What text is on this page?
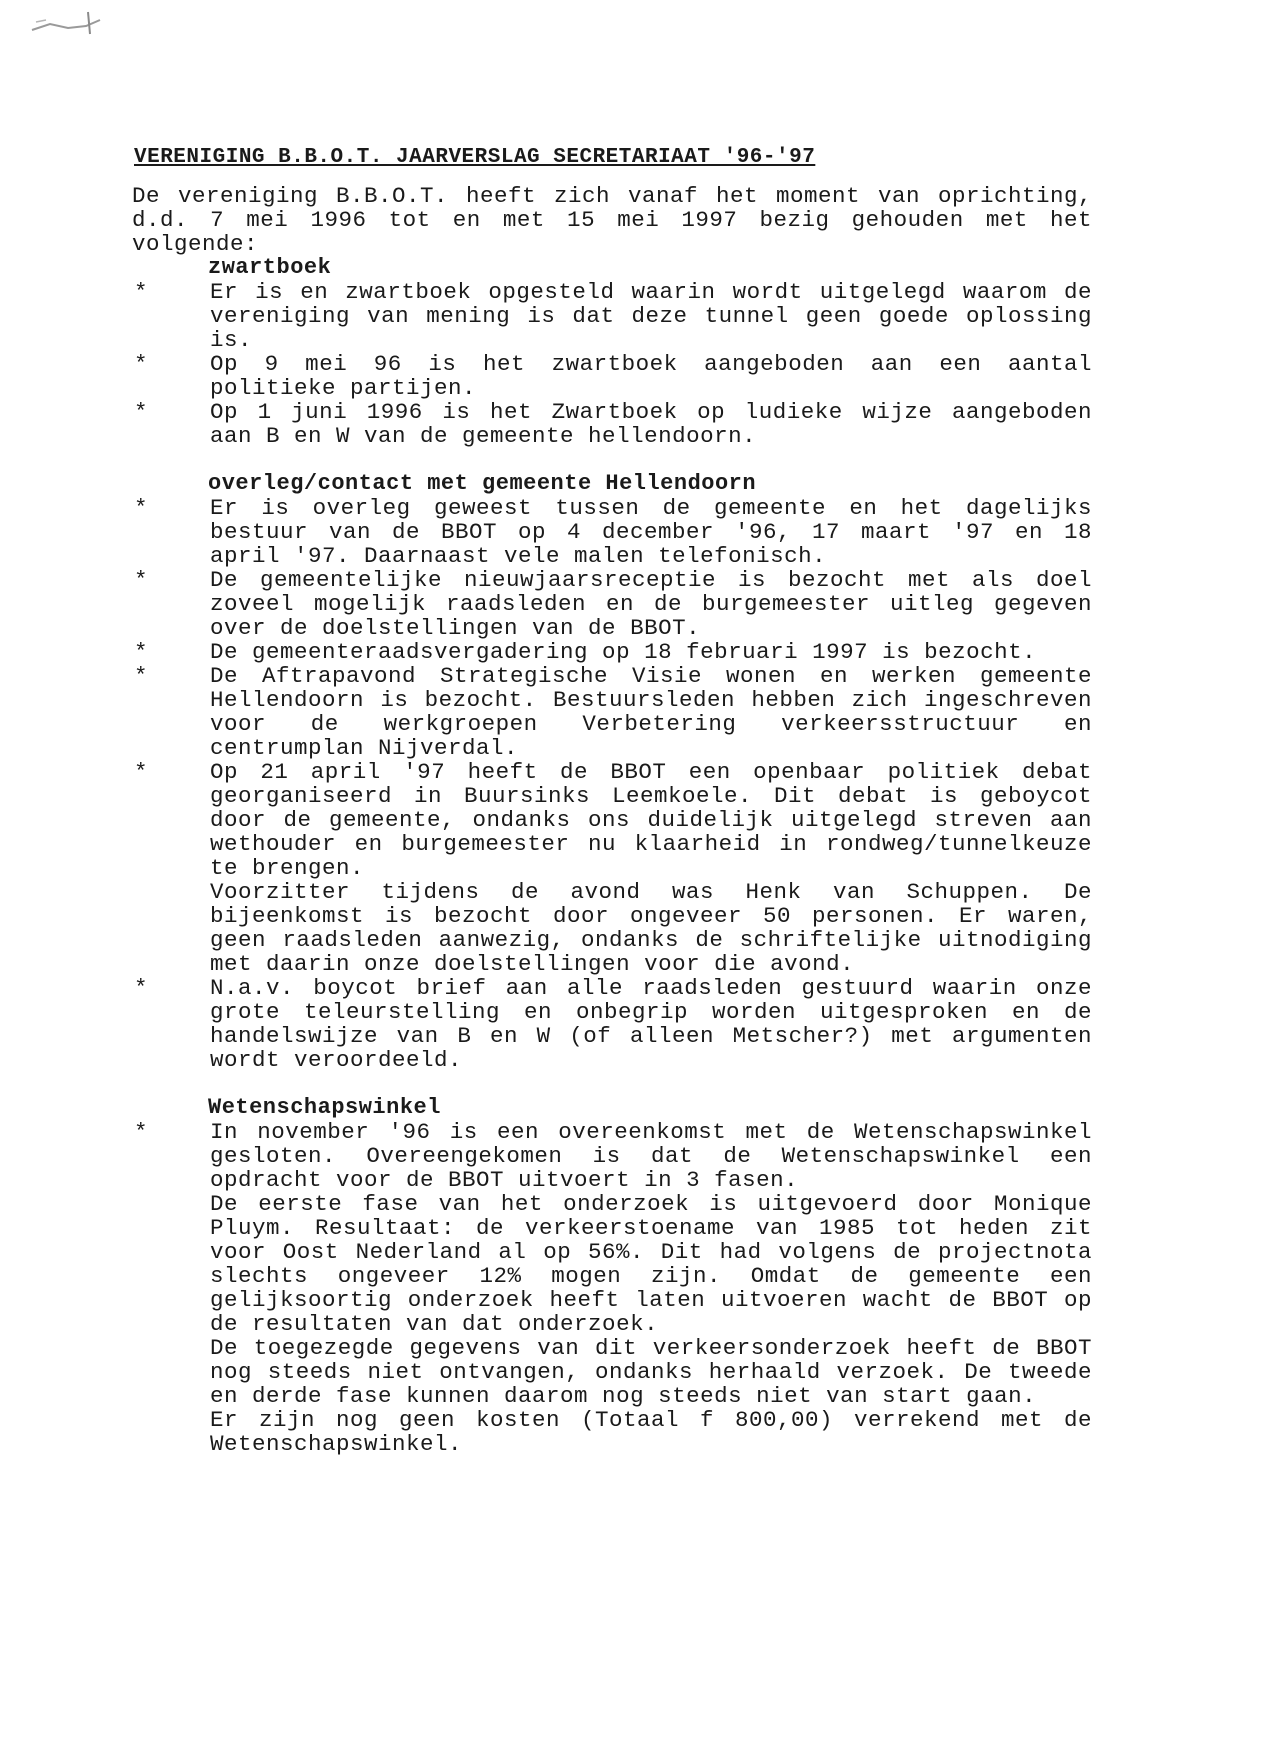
VERENIGING B.B.O.T. JAARVERSLAG SECRETARIAAT '96-'97

De vereniging B.B.O.T. heeft zich vanaf het moment van oprichting, d.d. 7 mei 1996 tot en met 15 mei 1997 bezig gehouden met het volgende:

zwartboek
*	Er is en zwartboek opgesteld waarin wordt uitgelegd waarom de vereniging van mening is dat deze tunnel geen goede oplossing is.

*	Op 9 mei 96 is het zwartboek aangeboden aan een aantal politieke partijen.

*	Op 1 juni 1996 is het Zwartboek op ludieke wijze aangeboden aan B en W van de gemeente hellendoorn.

overleg/contact met gemeente Hellendoorn
*	Er is overleg geweest tussen de gemeente en het dagelijks bestuur van de BBOT op 4 december '96, 17 maart '97 en 18 april '97. Daarnaast vele malen telefonisch.

*	De gemeentelijke nieuwjaarsreceptie is bezocht met als doel zoveel mogelijk raadsleden en de burgemeester uitleg gegeven over de doelstellingen van de BBOT.

*	De gemeenteraadsvergadering op 18 februari 1997 is bezocht.

*	De Aftrapavond Strategische Visie wonen en werken gemeente Hellendoorn is bezocht. Bestuursleden hebben zich ingeschreven voor de werkgroepen Verbetering verkeersstructuur en centrumplan Nijverdal.

*	Op 21 april '97 heeft de BBOT een openbaar politiek debat georganiseerd in Buursinks Leemkoele. Dit debat is geboycot door de gemeente, ondanks ons duidelijk uitgelegd streven aan wethouder en burgemeester nu klaarheid in rondweg/tunnelkeuze te brengen.

Voorzitter tijdens de avond was Henk van Schuppen. De bijeenkomst is bezocht door ongeveer 50 personen. Er waren, geen raadsleden aanwezig, ondanks de schriftelijke uitnodiging met daarin onze doelstellingen voor die avond.

*	N.a.v. boycot brief aan alle raadsleden gestuurd waarin onze grote teleurstelling en onbegrip worden uitgesproken en de handelswijze van B en W (of alleen Metscher?) met argumenten wordt veroordeeld.

Wetenschapswinkel
*	In november '96 is een overeenkomst met de Wetenschapswinkel gesloten. Overeengekomen is dat de Wetenschapswinkel een opdracht voor de BBOT uitvoert in 3 fasen.

De eerste fase van het onderzoek is uitgevoerd door Monique Pluym. Resultaat: de verkeerstoename van 1985 tot heden zit voor Oost Nederland al op 56%. Dit had volgens de projectnota slechts ongeveer 12% mogen zijn. Omdat de gemeente een gelijksoortig onderzoek heeft laten uitvoeren wacht de BBOT op de resultaten van dat onderzoek.

De toegezegde gegevens van dit verkeersonderzoek heeft de BBOT nog steeds niet ontvangen, ondanks herhaald verzoek. De tweede en derde fase kunnen daarom nog steeds niet van start gaan.

Er zijn nog geen kosten (Totaal f 800,00) verrekend met de Wetenschapswinkel.
